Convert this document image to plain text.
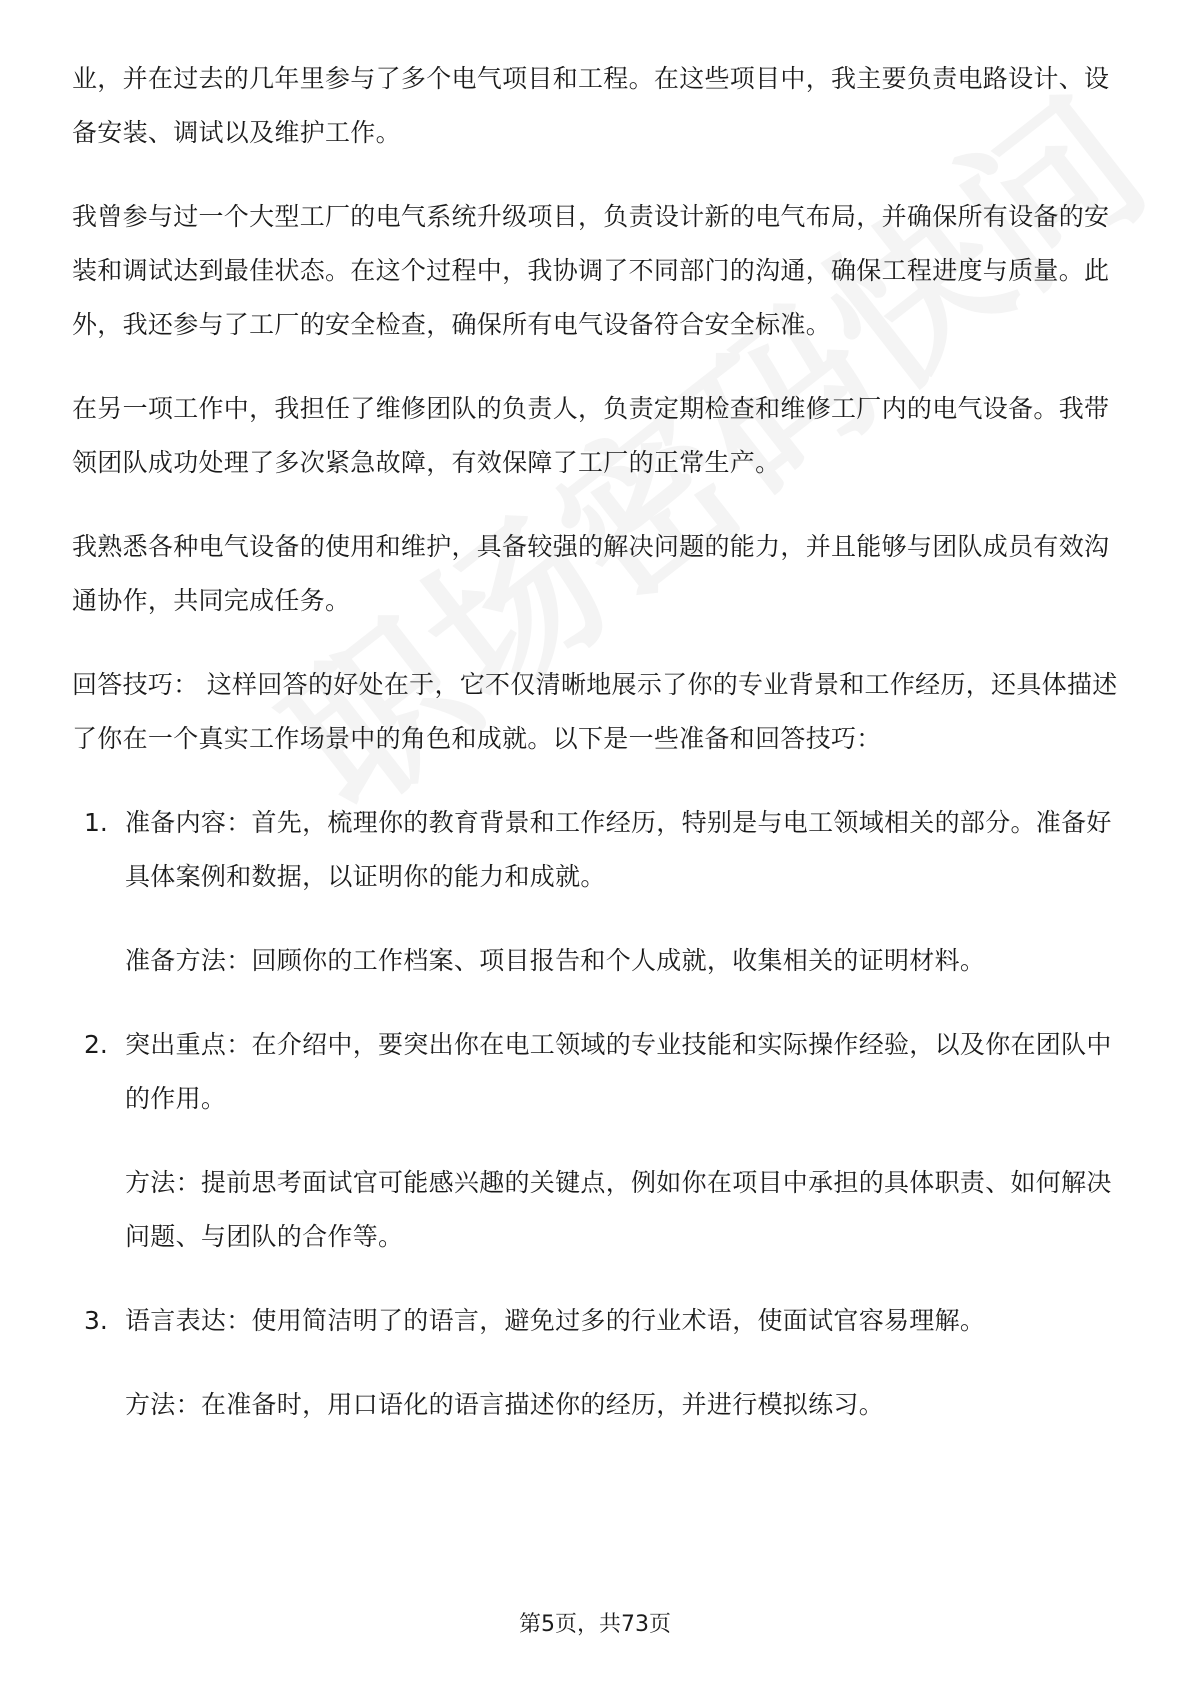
业，并在过去的几年里参与了多个电气项目和工程。在这些项目中，我主要负责电路设计、设备安装、调试以及维护工作。

我曾参与过一个大型工厂的电气系统升级项目，负责设计新的电气布局，并确保所有设备的安装和调试达到最佳状态。在这个过程中，我协调了不同部门的沟通，确保工程进度与质量。此外，我还参与了工厂的安全检查，确保所有电气设备符合安全标准。

在另一项工作中，我担任了维修团队的负责人，负责定期检查和维修工厂内的电气设备。我带领团队成功处理了多次紧急故障，有效保障了工厂的正常生产。

我熟悉各种电气设备的使用和维护，具备较强的解决问题的能力，并且能够与团队成员有效沟通协作，共同完成任务。

回答技巧： 这样回答的好处在于，它不仅清晰地展示了你的专业背景和工作经历，还具体描述了你在一个真实工作场景中的角色和成就。以下是一些准备和回答技巧：

1. 准备内容：首先，梳理你的教育背景和工作经历，特别是与电工领域相关的部分。准备好具体案例和数据，以证明你的能力和成就。

准备方法：回顾你的工作档案、项目报告和个人成就，收集相关的证明材料。

2. 突出重点：在介绍中，要突出你在电工领域的专业技能和实际操作经验，以及你在团队中的作用。

方法：提前思考面试官可能感兴趣的关键点，例如你在项目中承担的具体职责、如何解决问题、与团队的合作等。

3. 语言表达：使用简洁明了的语言，避免过多的行业术语，使面试官容易理解。

方法：在准备时，用口语化的语言描述你的经历，并进行模拟练习。

第5页，共73页
